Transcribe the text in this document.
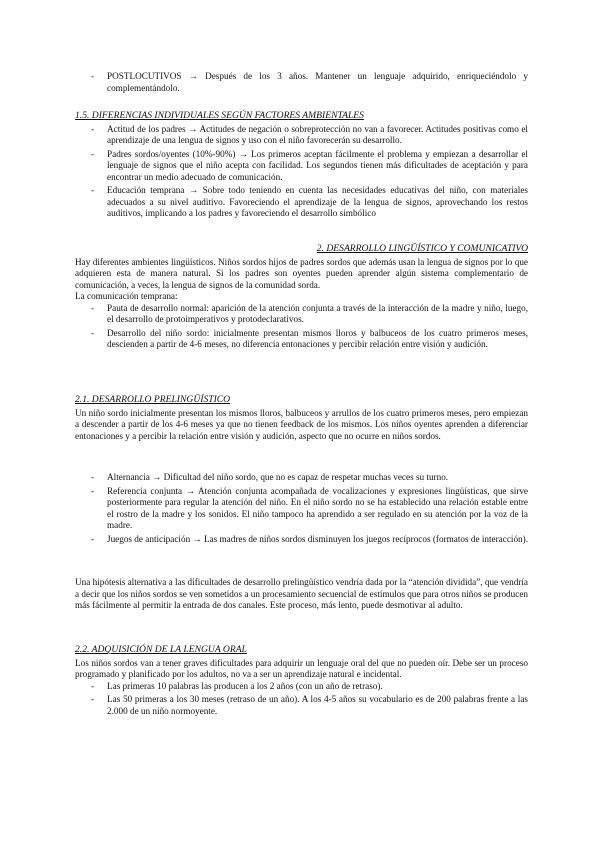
- POSTLOCUTIVOS → Después de los 3 años. Mantener un lenguaje adquirido, enriqueciéndolo y complementándolo.
1.5. DIFERENCIAS INDIVIDUALES SEGÚN FACTORES AMBIENTALES
- Actitud de los padres → Actitudes de negación o sobreprotección no van a favorecer. Actitudes positivas como el aprendizaje de una lengua de signos y uso con el niño favorecerán su desarrollo.
- Padres sordos/oyentes (10%-90%) → Los primeros aceptan fácilmente el problema y empiezan a desarrollar el lenguaje de signos que el niño acepta con facilidad. Los segundos tienen más dificultades de aceptación y para encontrar un medio adecuado de comunicación.
- Educación temprana → Sobre todo teniendo en cuenta las necesidades educativas del niño, con materiales adecuados a su nivel auditivo. Favoreciendo el aprendizaje de la lengua de signos, aprovechando los restos auditivos, implicando a los padres y favoreciendo el desarrollo simbólico
2. DESARROLLO LINGÜÍSTICO Y COMUNICATIVO

Hay diferentes ambientes lingüísticos. Niños sordos hijos de padres sordos que además usan la lengua de signos por lo que adquieren esta de manera natural. Si los padres son oyentes pueden aprender algún sistema complementario de comunicación, a veces, la lengua de signos de la comunidad sorda.

La comunicación temprana:

- Pauta de desarrollo normal: aparición de la atención conjunta a través de la interacción de la madre y niño, luego, el desarrollo de protoimperativos y protodeclarativos.
- Desarrollo del niño sordo: inicialmente presentan mismos lloros y balbuceos de los cuatro primeros meses, descienden a partir de 4-6 meses, no diferencia entonaciones y percibir relación entre visión y audición.
2.1. DESARROLLO PRELINGÜÍSTICO

Un niño sordo inicialmente presentan los mismos lloros, balbuceos y arrullos de los cuatro primeros meses, pero empiezan a descender a partir de los 4-6 meses ya que no tienen feedback de los mismos. Los niños oyentes aprenden a diferenciar entonaciones y a percibir la relación entre visión y audición, aspecto que no ocurre en niños sordos.

- Alternancia → Dificultad del niño sordo, que no es capaz de respetar muchas veces su turno.
- Referencia conjunta → Atención conjunta acompañada de vocalizaciones y expresiones lingüísticas, que sirve posteriormente para regular la atención del niño. En el niño sordo no se ha establecido una relación estable entre el rostro de la madre y los sonidos. El niño tampoco ha aprendido a ser regulado en su atención por la voz de la madre.
- Juegos de anticipación → Las madres de niños sordos disminuyen los juegos recíprocos (formatos de interacción).

Una hipótesis alternativa a las dificultades de desarrollo prelingüístico vendría dada por la “atención dividida”, que vendría a decir que los niños sordos se ven sometidos a un procesamiento secuencial de estímulos que para otros niños se producen más fácilmente al permitir la entrada de dos canales. Este proceso, más lento, puede desmotivar al adulto.

2.2. ADQUISICIÓN DE LA LENGUA ORAL

Los niños sordos van a tener graves dificultades para adquirir un lenguaje oral del que no pueden oír. Debe ser un proceso programado y planificado por los adultos, no va a ser un aprendizaje natural e incidental.

- Las primeras 10 palabras las producen a los 2 años (con un año de retraso).
- Las 50 primeras a los 30 meses (retraso de un año). A los 4-5 años su vocabulario es de 200 palabras frente a las 2.000 de un niño normoyente.
